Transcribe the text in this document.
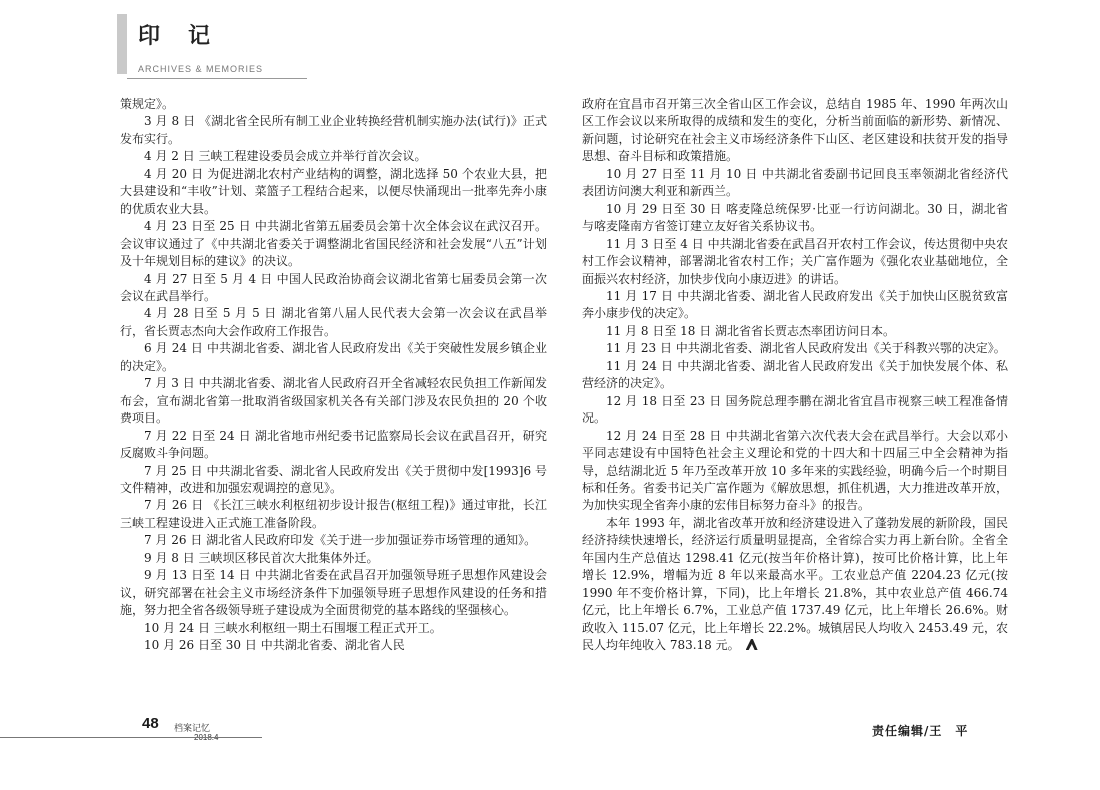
印记
ARCHIVES & MEMORIES

策规定》。

3 月 8 日 《湖北省全民所有制工业企业转换经营机制实施办法(试行)》正式发布实行。

4 月 2 日 三峡工程建设委员会成立并举行首次会议。

4 月 20 日 为促进湖北农村产业结构的调整，湖北选择 50 个农业大县，把大县建设和“丰收”计划、菜篮子工程结合起来，以便尽快涌现出一批率先奔小康的优质农业大县。

4 月 23 日至 25 日 中共湖北省第五届委员会第十次全体会议在武汉召开。会议审议通过了《中共湖北省委关于调整湖北省国民经济和社会发展“八五”计划及十年规划目标的建议》的决议。

4 月 27 日至 5 月 4 日 中国人民政治协商会议湖北省第七届委员会第一次会议在武昌举行。

4 月 28 日至 5 月 5 日 湖北省第八届人民代表大会第一次会议在武昌举行，省长贾志杰向大会作政府工作报告。

6 月 24 日 中共湖北省委、湖北省人民政府发出《关于突破性发展乡镇企业的决定》。

7 月 3 日 中共湖北省委、湖北省人民政府召开全省减轻农民负担工作新闻发布会，宣布湖北省第一批取消省级国家机关各有关部门涉及农民负担的 20 个收费项目。

7 月 22 日至 24 日 湖北省地市州纪委书记监察局长会议在武昌召开，研究反腐败斗争问题。

7 月 25 日 中共湖北省委、湖北省人民政府发出《关于贯彻中发[1993]6 号文件精神，改进和加强宏观调控的意见》。

7 月 26 日 《长江三峡水利枢纽初步设计报告(枢纽工程)》通过审批，长江三峡工程建设进入正式施工准备阶段。

7 月 26 日 湖北省人民政府印发《关于进一步加强证券市场管理的通知》。

9 月 8 日 三峡坝区移民首次大批集体外迁。

9 月 13 日至 14 日 中共湖北省委在武昌召开加强领导班子思想作风建设会议，研究部署在社会主义市场经济条件下加强领导班子思想作风建设的任务和措施，努力把全省各级领导班子建设成为全面贯彻党的基本路线的坚强核心。

10 月 24 日 三峡水利枢纽一期土石围堰工程正式开工。

10 月 26 日至 30 日 中共湖北省委、湖北省人民

政府在宜昌市召开第三次全省山区工作会议，总结自 1985 年、1990 年两次山区工作会议以来所取得的成绩和发生的变化，分析当前面临的新形势、新情况、新问题，讨论研究在社会主义市场经济条件下山区、老区建设和扶贫开发的指导思想、奋斗目标和政策措施。

10 月 27 日至 11 月 10 日 中共湖北省委副书记回良玉率领湖北省经济代表团访问澳大利亚和新西兰。

10 月 29 日至 30 日 喀麦隆总统保罗·比亚一行访问湖北。30 日，湖北省与喀麦隆南方省签订建立友好省关系协议书。

11 月 3 日至 4 日 中共湖北省委在武昌召开农村工作会议，传达贯彻中央农村工作会议精神，部署湖北省农村工作；关广富作题为《强化农业基础地位，全面振兴农村经济，加快步伐向小康迈进》的讲话。

11 月 17 日 中共湖北省委、湖北省人民政府发出《关于加快山区脱贫致富奔小康步伐的决定》。

11 月 8 日至 18 日 湖北省省长贾志杰率团访问日本。

11 月 23 日 中共湖北省委、湖北省人民政府发出《关于科教兴鄂的决定》。

11 月 24 日 中共湖北省委、湖北省人民政府发出《关于加快发展个体、私营经济的决定》。

12 月 18 日至 23 日 国务院总理李鹏在湖北省宜昌市视察三峡工程准备情况。

12 月 24 日至 28 日 中共湖北省第六次代表大会在武昌举行。大会以邓小平同志建设有中国特色社会主义理论和党的十四大和十四届三中全会精神为指导，总结湖北近 5 年乃至改革开放 10 多年来的实践经验，明确今后一个时期目标和任务。省委书记关广富作题为《解放思想，抓住机遇，大力推进改革开放，为加快实现全省奔小康的宏伟目标努力奋斗》的报告。

本年 1993 年，湖北省改革开放和经济建设进入了蓬勃发展的新阶段，国民经济持续快速增长，经济运行质量明显提高，全省综合实力再上新台阶。全省全年国内生产总值达 1298.41 亿元(按当年价格计算)，按可比价格计算，比上年增长 12.9%，增幅为近 8 年以来最高水平。工农业总产值 2204.23 亿元(按 1990 年不变价格计算，下同)，比上年增长 21.8%，其中农业总产值 466.74 亿元，比上年增长 6.7%，工业总产值 1737.49 亿元，比上年增长 26.6%。财政收入 115.07 亿元，比上年增长 22.2%。城镇居民人均收入 2453.49 元，农民人均年纯收入 783.18 元。

责任编辑/王　平
48 档案记忆
2018.4
